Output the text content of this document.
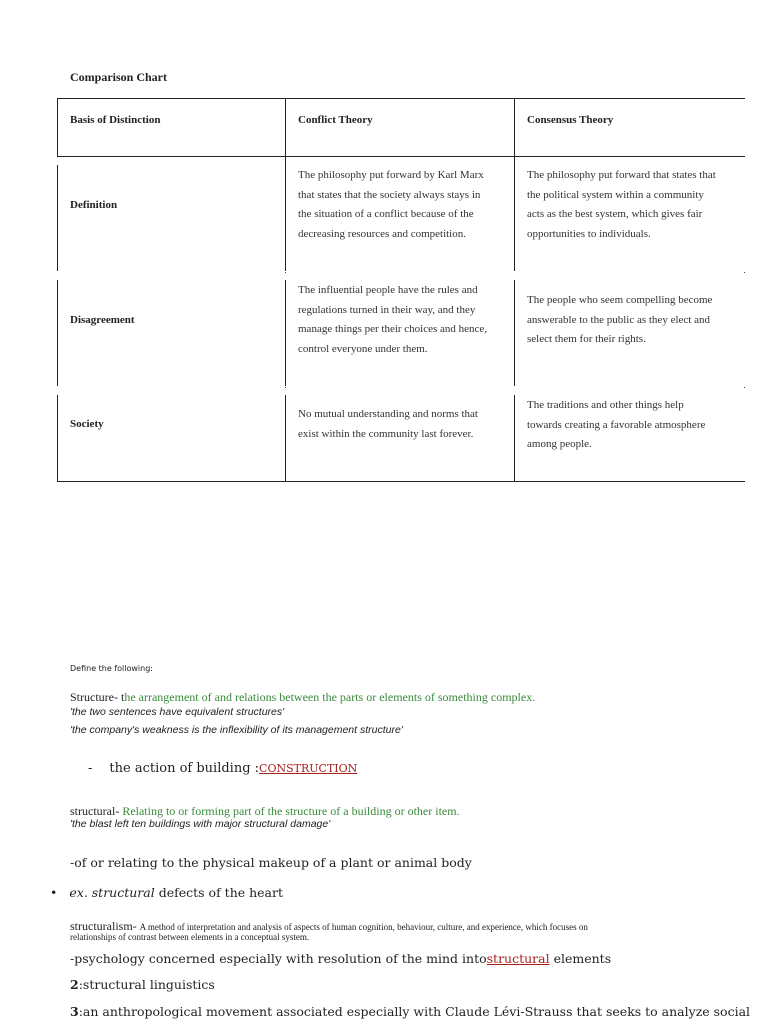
Comparison Chart
Basis of Distinction	Conflict Theory	Consensus Theory
Definition
The philosophy put forward by Karl Marx
that states that the society always stays in
the situation of a conflict because of the
decreasing resources and competition.
The philosophy put forward that states that
the political system within a community
acts as the best system, which gives fair
opportunities to individuals.
Disagreement
The influential people have the rules and
regulations turned in their way, and they
manage things per their choices and hence,
control everyone under them.
The people who seem compelling become
answerable to the public as they elect and
select them for their rights.
Society
No mutual understanding and norms that
exist within the community last forever.
The traditions and other things help
towards creating a favorable atmosphere
among people.
Define the following:
Structure- the arrangement of and relations between the parts or elements of something complex.
'the two sentences have equivalent structures'
'the company's weakness is the inflexibility of its management structure'
- the action of building :CONSTRUCTION
structural- Relating to or forming part of the structure of a building or other item.
'the blast left ten buildings with major structural damage'
-of or relating to the physical makeup of a plant or animal body
• ex. structural defects of the heart
structuralism- A method of interpretation and analysis of aspects of human cognition, behaviour, culture, and experience, which focuses on
relationships of contrast between elements in a conceptual system.
-psychology concerned especially with resolution of the mind intostructural elements
2:structural linguistics
3:an anthropological movement associated especially with Claude Lévi-Strauss that seeks to analyze social
